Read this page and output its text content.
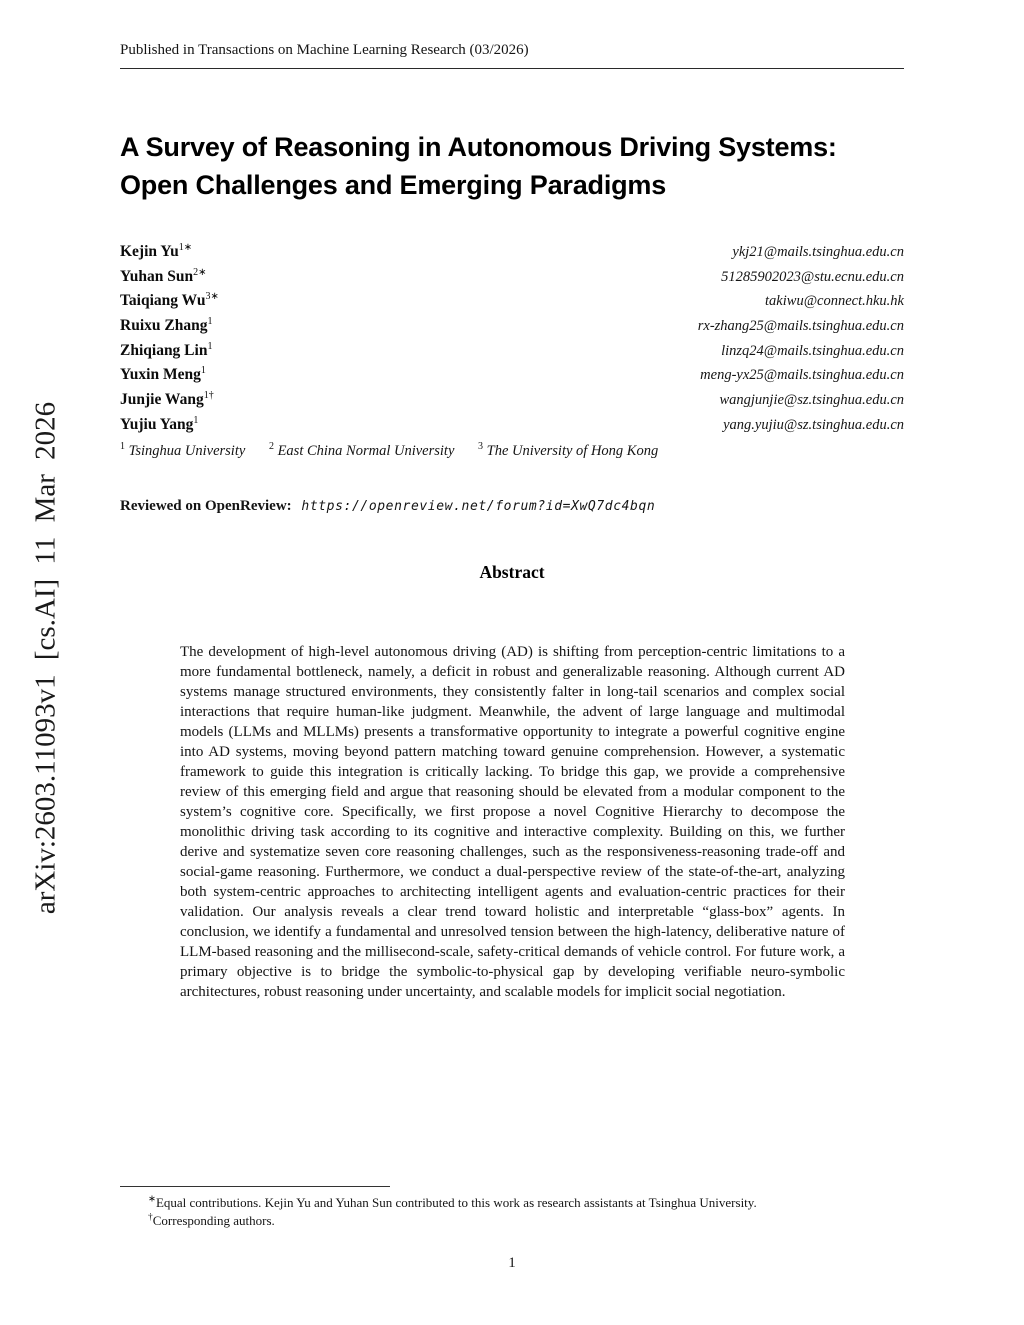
Published in Transactions on Machine Learning Research (03/2026)
arXiv:2603.11093v1 [cs.AI] 11 Mar 2026
A Survey of Reasoning in Autonomous Driving Systems:
Open Challenges and Emerging Paradigms
Kejin $Yu^{1∗}$	ykj21@mails.tsinghua.edu.cn
Yuhan Sun$^{2∗}$	51285902023@stu.ecnu.edu.cn
Taiqiang $Wu^{3∗}$	takiwu@connect.hku.hk
Ruixu Zhang$^1$	rx-zhang25@mails.tsinghua.edu.cn
Zhiqiang Lin$^1$	linzq24@mails.tsinghua.edu.cn
Yuxin Meng$^1$	meng-yx25@mails.tsinghua.edu.cn
Junjie Wang$^{1\dagger}$	wangjunjie@sz.tsinghua.edu.cn
Yujiu Yang$^1$	yang.yujiu@sz.tsinghua.edu.cn
$^1$ Tsinghua University $^2$ East China Normal University $^3$ The University of Hong Kong
Reviewed on OpenReview: https://openreview.net/forum?id=XwQ7dc4bqn
Abstract
The development of high-level autonomous driving (AD) is shifting from perception-centric limitations to a more fundamental bottleneck, namely, a deficit in robust and generalizable reasoning. Although current AD systems manage structured environments, they consistently falter in long-tail scenarios and complex social interactions that require human-like judgment. Meanwhile, the advent of large language and multimodal models (LLMs and MLLMs) presents a transformative opportunity to integrate a powerful cognitive engine into AD systems, moving beyond pattern matching toward genuine comprehension. However, a systematic framework to guide this integration is critically lacking. To bridge this gap, we provide a comprehensive review of this emerging field and argue that reasoning should be elevated from a modular component to the system’s cognitive core. Specifically, we first propose a novel Cognitive Hierarchy to decompose the monolithic driving task according to its cognitive and interactive complexity. Building on this, we further derive and systematize seven core reasoning challenges, such as the responsiveness-reasoning trade-off and social-game reasoning. Furthermore, we conduct a dual-perspective review of the state-of-the-art, analyzing both system-centric approaches to architecting intelligent agents and evaluation-centric practices for their validation. Our analysis reveals a clear trend toward holistic and interpretable “glass-box” agents. In conclusion, we identify a fundamental and unresolved tension between the high-latency, deliberative nature of LLM-based reasoning and the millisecond-scale, safety-critical demands of vehicle control. For future work, a primary objective is to bridge the symbolic-to-physical gap by developing verifiable neuro-symbolic architectures, robust reasoning under uncertainty, and scalable models for implicit social negotiation.
∗Equal contributions. Kejin Yu and Yuhan Sun contributed to this work as research assistants at Tsinghua University.
†Corresponding authors.
1
